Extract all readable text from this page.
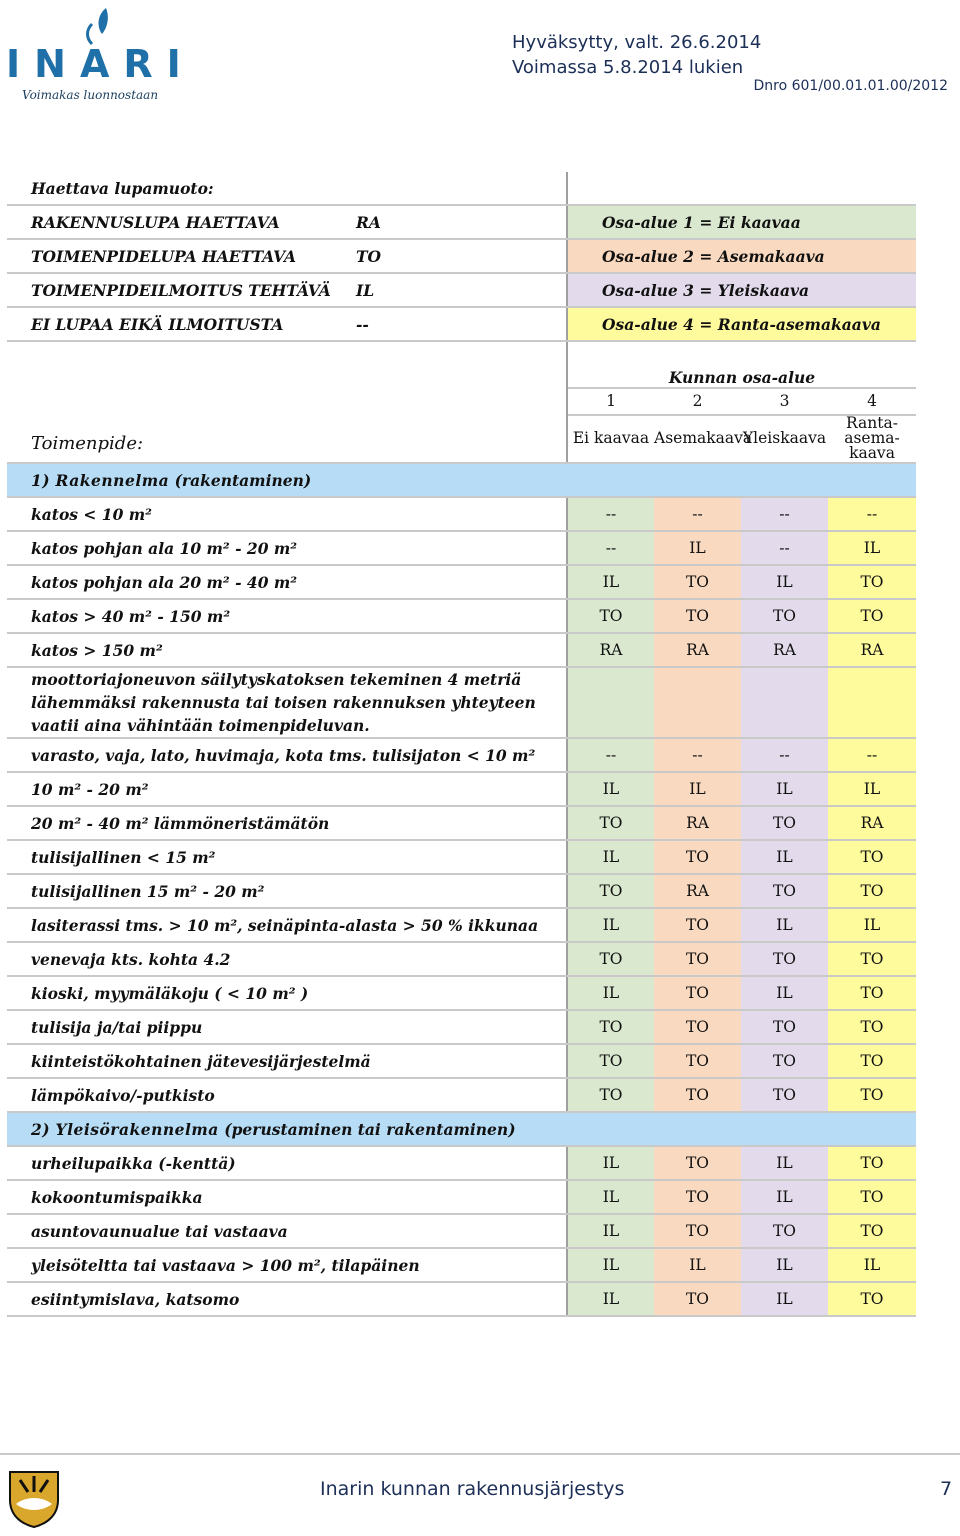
INARI
Voimakas luonnostaan
Hyväksytty, valt. 26.6.2014
Voimassa 5.8.2014 lukien
Dnro 601/00.01.01.00/2012
Haettava lupamuoto:				
RAKENNUSLUPA HAETTAVA RA	Osa-alue 1 = Ei kaavaa			
TOIMENPIDELUPA HAETTAVA TO	Osa-alue 2 = Asemakaava			
TOIMENPIDEILMOITUS TEHTÄVÄ IL	Osa-alue 3 = Yleiskaava			
EI LUPAA EIKÄ ILMOITUSTA --	Osa-alue 4 = Ranta-asemakaava			
Toimenpide:	Kunnan osa-alue			
	1	2	3	4
	Ei kaavaa	Asemakaava	Yleiskaava	Ranta-asema-kaava
1) Rakennelma (rakentaminen)				
katos < 10 m²	--	--	--	--
katos pohjan ala 10 m² - 20 m²	--	IL	--	IL
katos pohjan ala 20 m² - 40 m²	IL	TO	IL	TO
katos > 40 m² - 150 m²	TO	TO	TO	TO
katos > 150 m²	RA	RA	RA	RA
moottoriajoneuvon säilytyskatoksen tekeminen 4 metriä lähemmäksi rakennusta tai toisen rakennuksen yhteyteen vaatii aina vähintään toimenpideluvan.				
varasto, vaja, lato, huvimaja, kota tms. tulisijaton < 10 m²	--	--	--	--
10 m² - 20 m²	IL	IL	IL	IL
20 m² - 40 m² lämmöneristämätön	TO	RA	TO	RA
tulisijallinen < 15 m²	IL	TO	IL	TO
tulisijallinen 15 m² - 20 m²	TO	RA	TO	TO
lasiterassi tms. > 10 m², seinäpinta-alasta > 50 % ikkunaa	IL	TO	IL	IL
venevaja kts. kohta 4.2	TO	TO	TO	TO
kioski, myymäläkoju ( < 10 m² )	IL	TO	IL	TO
tulisija ja/tai piippu	TO	TO	TO	TO
kiinteistökohtainen jätevesijärjestelmä	TO	TO	TO	TO
lämpökaivo/-putkisto	TO	TO	TO	TO
2) Yleisörakennelma (perustaminen tai rakentaminen)				
urheilupaikka (-kenttä)	IL	TO	IL	TO
kokoontumispaikka	IL	TO	IL	TO
asuntovaunualue tai vastaava	IL	TO	TO	TO
yleisöteltta tai vastaava > 100 m², tilapäinen	IL	IL	IL	IL
esiintymislava, katsomo	IL	TO	IL	TO
Inarin kunnan rakennusjärjestys	7
